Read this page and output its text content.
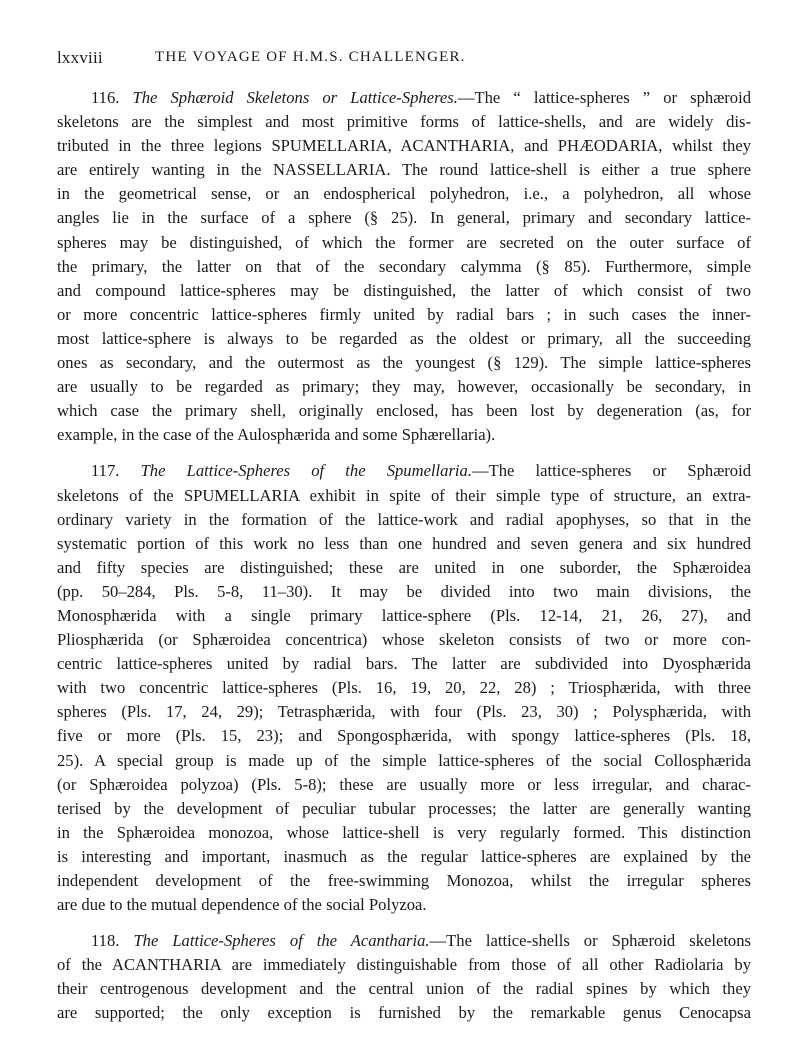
lxxviii	THE VOYAGE OF H.M.S. CHALLENGER.
116. The Sphæroid Skeletons or Lattice-Spheres.—The “ lattice-spheres ” or sphæroid
skeletons are the simplest and most primitive forms of lattice-shells, and are widely dis-
tributed in the three legions SPUMELLARIA, ACANTHARIA, and PHÆODARIA, whilst they
are entirely wanting in the NASSELLARIA. The round lattice-shell is either a true sphere
in the geometrical sense, or an endospherical polyhedron, i.e., a polyhedron, all whose
angles lie in the surface of a sphere (§ 25). In general, primary and secondary lattice-
spheres may be distinguished, of which the former are secreted on the outer surface of
the primary, the latter on that of the secondary calymma (§ 85). Furthermore, simple
and compound lattice-spheres may be distinguished, the latter of which consist of two
or more concentric lattice-spheres firmly united by radial bars ; in such cases the inner-
most lattice-sphere is always to be regarded as the oldest or primary, all the succeeding
ones as secondary, and the outermost as the youngest (§ 129). The simple lattice-spheres
are usually to be regarded as primary; they may, however, occasionally be secondary, in
which case the primary shell, originally enclosed, has been lost by degeneration (as, for
example, in the case of the Aulosphærida and some Sphærellaria).
117. The Lattice-Spheres of the Spumellaria.—The lattice-spheres or Sphæroid
skeletons of the SPUMELLARIA exhibit in spite of their simple type of structure, an extra-
ordinary variety in the formation of the lattice-work and radial apophyses, so that in the
systematic portion of this work no less than one hundred and seven genera and six hundred
and fifty species are distinguished; these are united in one suborder, the Sphæroidea
(pp. 50–284, Pls. 5-8, 11–30). It may be divided into two main divisions, the
Monosphærida with a single primary lattice-sphere (Pls. 12-14, 21, 26, 27), and
Pliosphærida (or Sphæroidea concentrica) whose skeleton consists of two or more con-
centric lattice-spheres united by radial bars. The latter are subdivided into Dyosphærida
with two concentric lattice-spheres (Pls. 16, 19, 20, 22, 28) ; Triosphærida, with three
spheres (Pls. 17, 24, 29); Tetrasphærida, with four (Pls. 23, 30) ; Polysphærida, with
five or more (Pls. 15, 23); and Spongosphærida, with spongy lattice-spheres (Pls. 18,
25). A special group is made up of the simple lattice-spheres of the social Collosphærida
(or Sphæroidea polyzoa) (Pls. 5-8); these are usually more or less irregular, and charac-
terised by the development of peculiar tubular processes; the latter are generally wanting
in the Sphæroidea monozoa, whose lattice-shell is very regularly formed. This distinction
is interesting and important, inasmuch as the regular lattice-spheres are explained by the
independent development of the free-swimming Monozoa, whilst the irregular spheres
are due to the mutual dependence of the social Polyzoa.
118. The Lattice-Spheres of the Acantharia.—The lattice-shells or Sphæroid skeletons
of the ACANTHARIA are immediately distinguishable from those of all other Radiolaria by
their centrogenous development and the central union of the radial spines by which they
are supported; the only exception is furnished by the remarkable genus Cenocapsa
